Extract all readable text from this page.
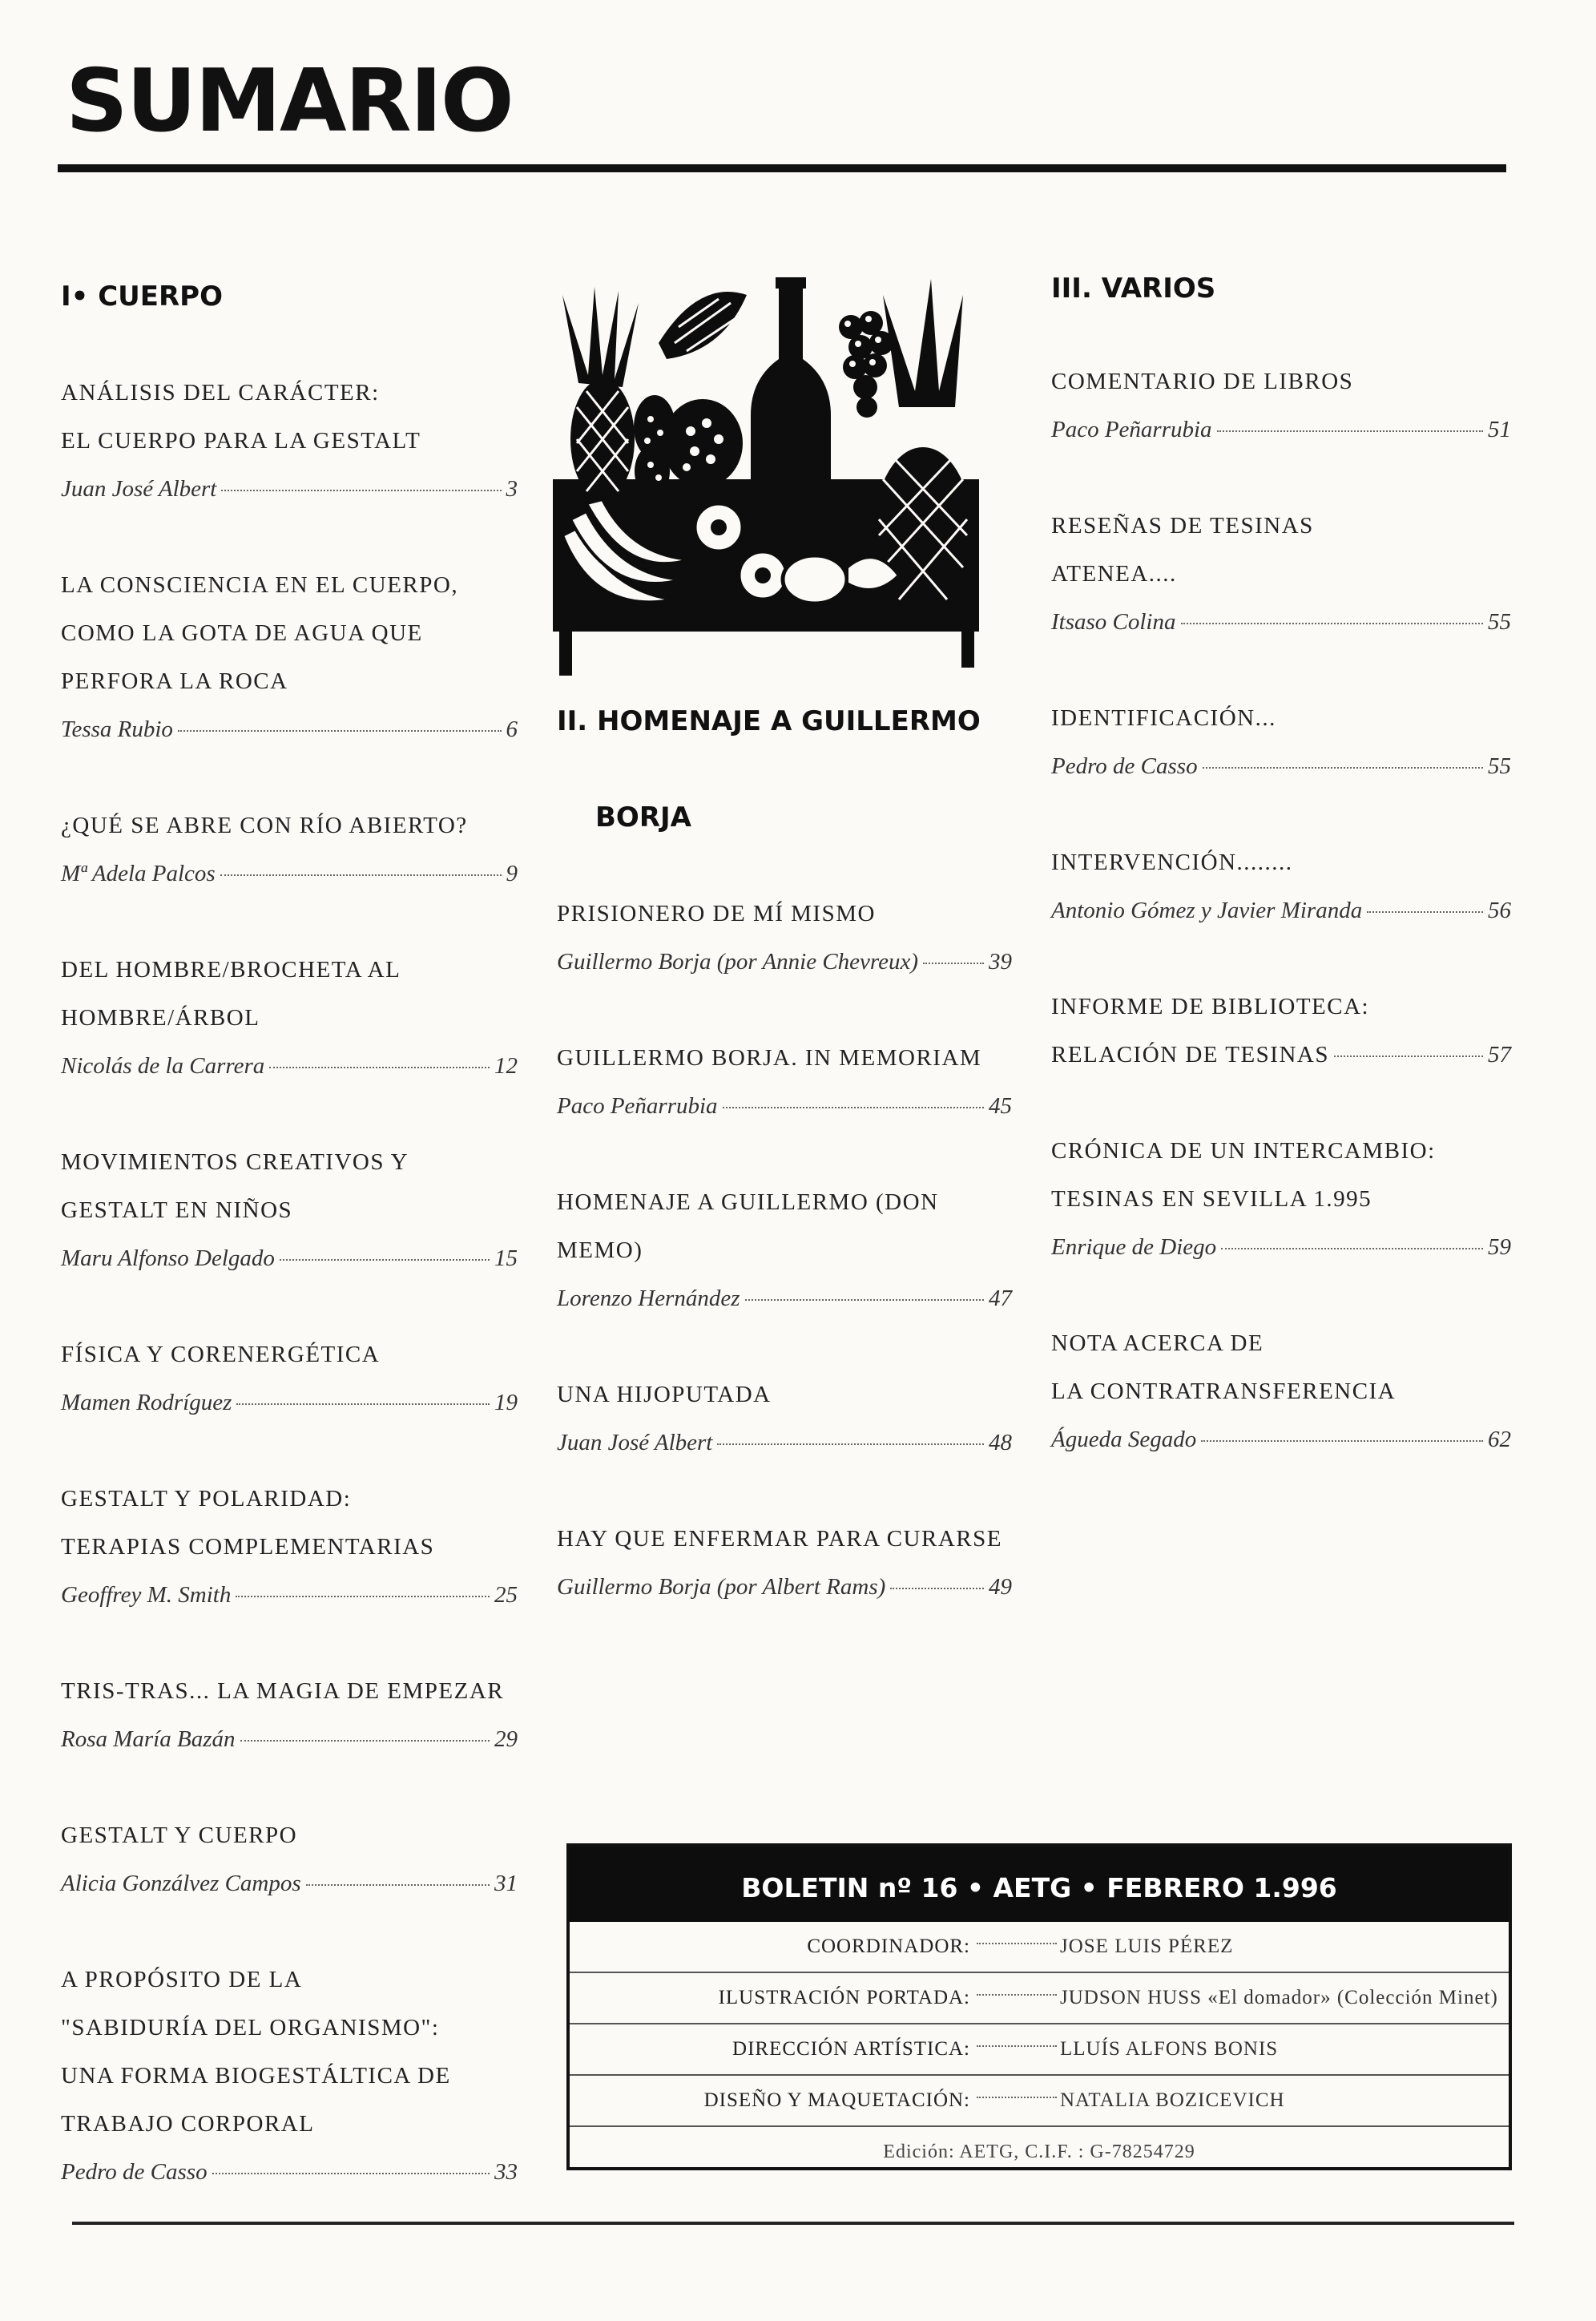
SUMARIO
I• CUERPO
ANÁLISIS DEL CARÁCTER:
EL CUERPO PARA LA GESTALT
Juan José Albert	3
LA CONSCIENCIA EN EL CUERPO,
COMO LA GOTA DE AGUA QUE
PERFORA LA ROCA
Tessa Rubio	6
¿QUÉ SE ABRE CON RÍO ABIERTO?
Mª Adela Palcos	9
DEL HOMBRE/BROCHETA AL
HOMBRE/ÁRBOL
Nicolás de la Carrera	12
MOVIMIENTOS CREATIVOS Y
GESTALT EN NIÑOS
Maru Alfonso Delgado	15
FÍSICA Y CORENERGÉTICA
Mamen Rodríguez	19
GESTALT Y POLARIDAD:
TERAPIAS COMPLEMENTARIAS
Geoffrey M. Smith	25
TRIS-TRAS... LA MAGIA DE EMPEZAR
Rosa María Bazán	29
GESTALT Y CUERPO
Alicia Gonzálvez Campos	31
A PROPÓSITO DE LA
"SABIDURÍA DEL ORGANISMO":
UNA FORMA BIOGESTÁLTICA DE
TRABAJO CORPORAL
Pedro de Casso	33
II. HOMENAJE A GUILLERMO
BORJA
PRISIONERO DE MÍ MISMO
Guillermo Borja (por Annie Chevreux)	39
GUILLERMO BORJA. IN MEMORIAM
Paco Peñarrubia	45
HOMENAJE A GUILLERMO (DON MEMO)
Lorenzo Hernández	47
UNA HIJOPUTADA
Juan José Albert	48
HAY QUE ENFERMAR PARA CURARSE
Guillermo Borja (por Albert Rams)	49
III. VARIOS
COMENTARIO DE LIBROS
Paco Peñarrubia	51
RESEÑAS DE TESINAS
ATENEA....
Itsaso Colina	55
IDENTIFICACIÓN...
Pedro de Casso	55
INTERVENCIÓN........
Antonio Gómez y Javier Miranda	56
INFORME DE BIBLIOTECA:
RELACIÓN DE TESINAS	57
CRÓNICA DE UN INTERCAMBIO:
TESINAS EN SEVILLA 1.995
Enrique de Diego	59
NOTA ACERCA DE
LA CONTRATRANSFERENCIA
Águeda Segado	62
BOLETIN nº 16 • AETG • FEBRERO 1.996
COORDINADOR:	JOSE LUIS PÉREZ
ILUSTRACIÓN PORTADA:	JUDSON HUSS «El domador» (Colección Minet)
DIRECCIÓN ARTÍSTICA:	LLUÍS ALFONS BONIS
DISEÑO Y MAQUETACIÓN:	NATALIA BOZICEVICH
Edición: AETG, C.I.F. : G-78254729
